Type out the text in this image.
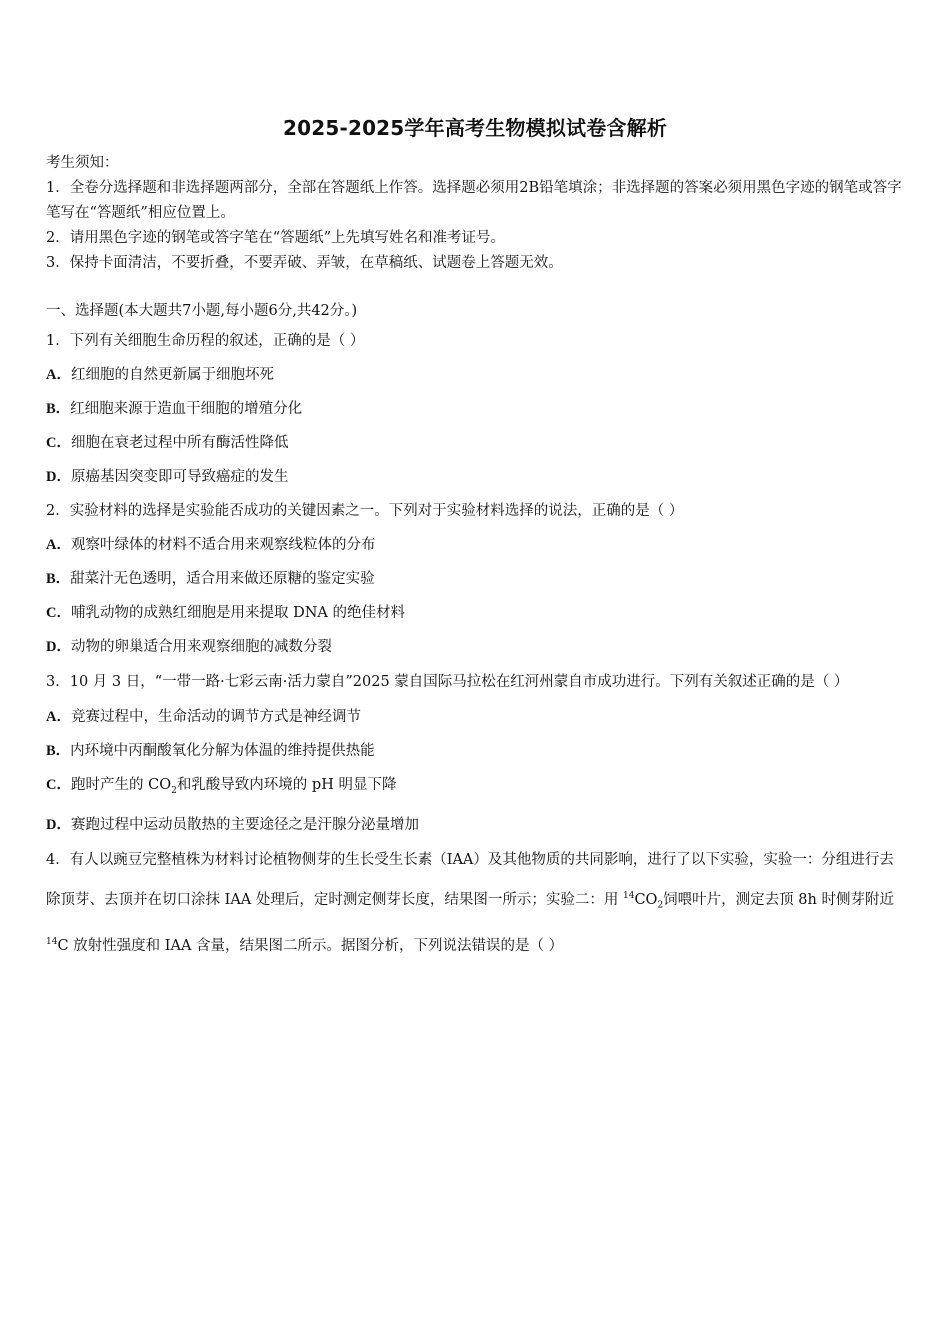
2025-2025学年高考生物模拟试卷含解析

考生须知：

1．全卷分选择题和非选择题两部分，全部在答题纸上作答。选择题必须用2B铅笔填涂；非选择题的答案必须用黑色字迹的钢笔或答字笔写在“答题纸”相应位置上。

2．请用黑色字迹的钢笔或答字笔在“答题纸”上先填写姓名和准考证号。

3．保持卡面清洁，不要折叠，不要弄破、弄皱，在草稿纸、试题卷上答题无效。

一、选择题(本大题共7小题,每小题6分,共42分。)

1．下列有关细胞生命历程的叙述，正确的是（ ）

A．红细胞的自然更新属于细胞坏死

B．红细胞来源于造血干细胞的增殖分化

C．细胞在衰老过程中所有酶活性降低

D．原癌基因突变即可导致癌症的发生

2．实验材料的选择是实验能否成功的关键因素之一。下列对于实验材料选择的说法，正确的是（ ）

A．观察叶绿体的材料不适合用来观察线粒体的分布

B．甜菜汁无色透明，适合用来做还原糖的鉴定实验

C．哺乳动物的成熟红细胞是用来提取 DNA 的绝佳材料

D．动物的卵巢适合用来观察细胞的减数分裂

3．10 月 3 日，“一带一路·七彩云南·活力蒙自”2025 蒙自国际马拉松在红河州蒙自市成功进行。下列有关叙述正确的是（ ）

A．竞赛过程中，生命活动的调节方式是神经调节

B．内环境中丙酮酸氧化分解为体温的维持提供热能

C．跑时产生的 $CO_2$和乳酸导致内环境的 pH 明显下降

D．赛跑过程中运动员散热的主要途径之是汗腺分泌量增加

4．有人以豌豆完整植株为材料讨论植物侧芽的生长受生长素（IAA）及其他物质的共同影响，进行了以下实验，实验一：分组进行去除顶芽、去顶并在切口涂抹 IAA 处理后，定时测定侧芽长度，结果图一所示；实验二：用 $^{14}CO_2$饲喂叶片，测定去顶 8h 时侧芽附近 $^{14}$C 放射性强度和 IAA 含量，结果图二所示。据图分析，下列说法错误的是（ ）
